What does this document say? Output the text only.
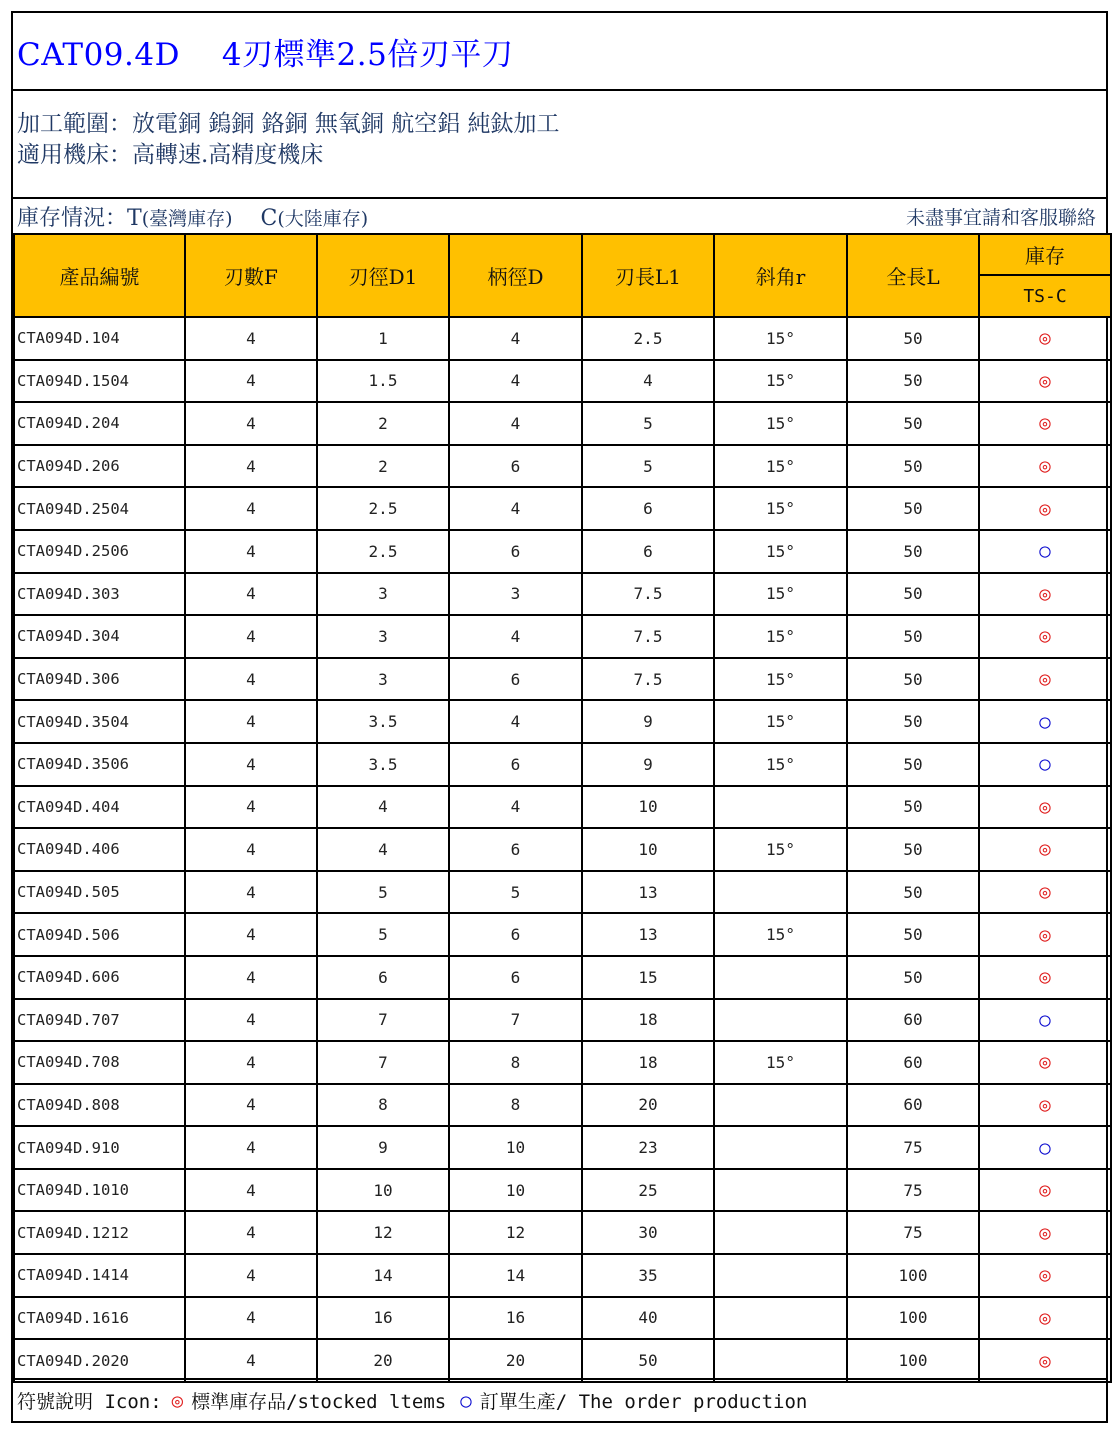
CAT09.4D　 4刃標準2.5倍刃平刀
加工範圍：放電銅 鎢銅 鉻銅 無氧銅 航空鋁 純鈦加工
適用機床：高轉速.高精度機床
庫存情況：T(臺灣庫存) C(大陸庫存)	未盡事宜請和客服聯絡
產品編號	刃數F	刃徑D1	柄徑D	刃長L1	斜角r	全長L	庫存
							TS-C
CTA094D.104	4	1	4	2.5	15°	50	◎
CTA094D.1504	4	1.5	4	4	15°	50	◎
CTA094D.204	4	2	4	5	15°	50	◎
CTA094D.206	4	2	6	5	15°	50	◎
CTA094D.2504	4	2.5	4	6	15°	50	◎
CTA094D.2506	4	2.5	6	6	15°	50	○
CTA094D.303	4	3	3	7.5	15°	50	◎
CTA094D.304	4	3	4	7.5	15°	50	◎
CTA094D.306	4	3	6	7.5	15°	50	◎
CTA094D.3504	4	3.5	4	9	15°	50	○
CTA094D.3506	4	3.5	6	9	15°	50	○
CTA094D.404	4	4	4	10		50	◎
CTA094D.406	4	4	6	10	15°	50	◎
CTA094D.505	4	5	5	13		50	◎
CTA094D.506	4	5	6	13	15°	50	◎
CTA094D.606	4	6	6	15		50	◎
CTA094D.707	4	7	7	18		60	○
CTA094D.708	4	7	8	18	15°	60	◎
CTA094D.808	4	8	8	20		60	◎
CTA094D.910	4	9	10	23		75	○
CTA094D.1010	4	10	10	25		75	◎
CTA094D.1212	4	12	12	30		75	◎
CTA094D.1414	4	14	14	35		100	◎
CTA094D.1616	4	16	16	40		100	◎
CTA094D.2020	4	20	20	50		100	◎
符號說明 Icon: ◎ 標準庫存品/stocked ltems ○ 訂單生產/ The order production
